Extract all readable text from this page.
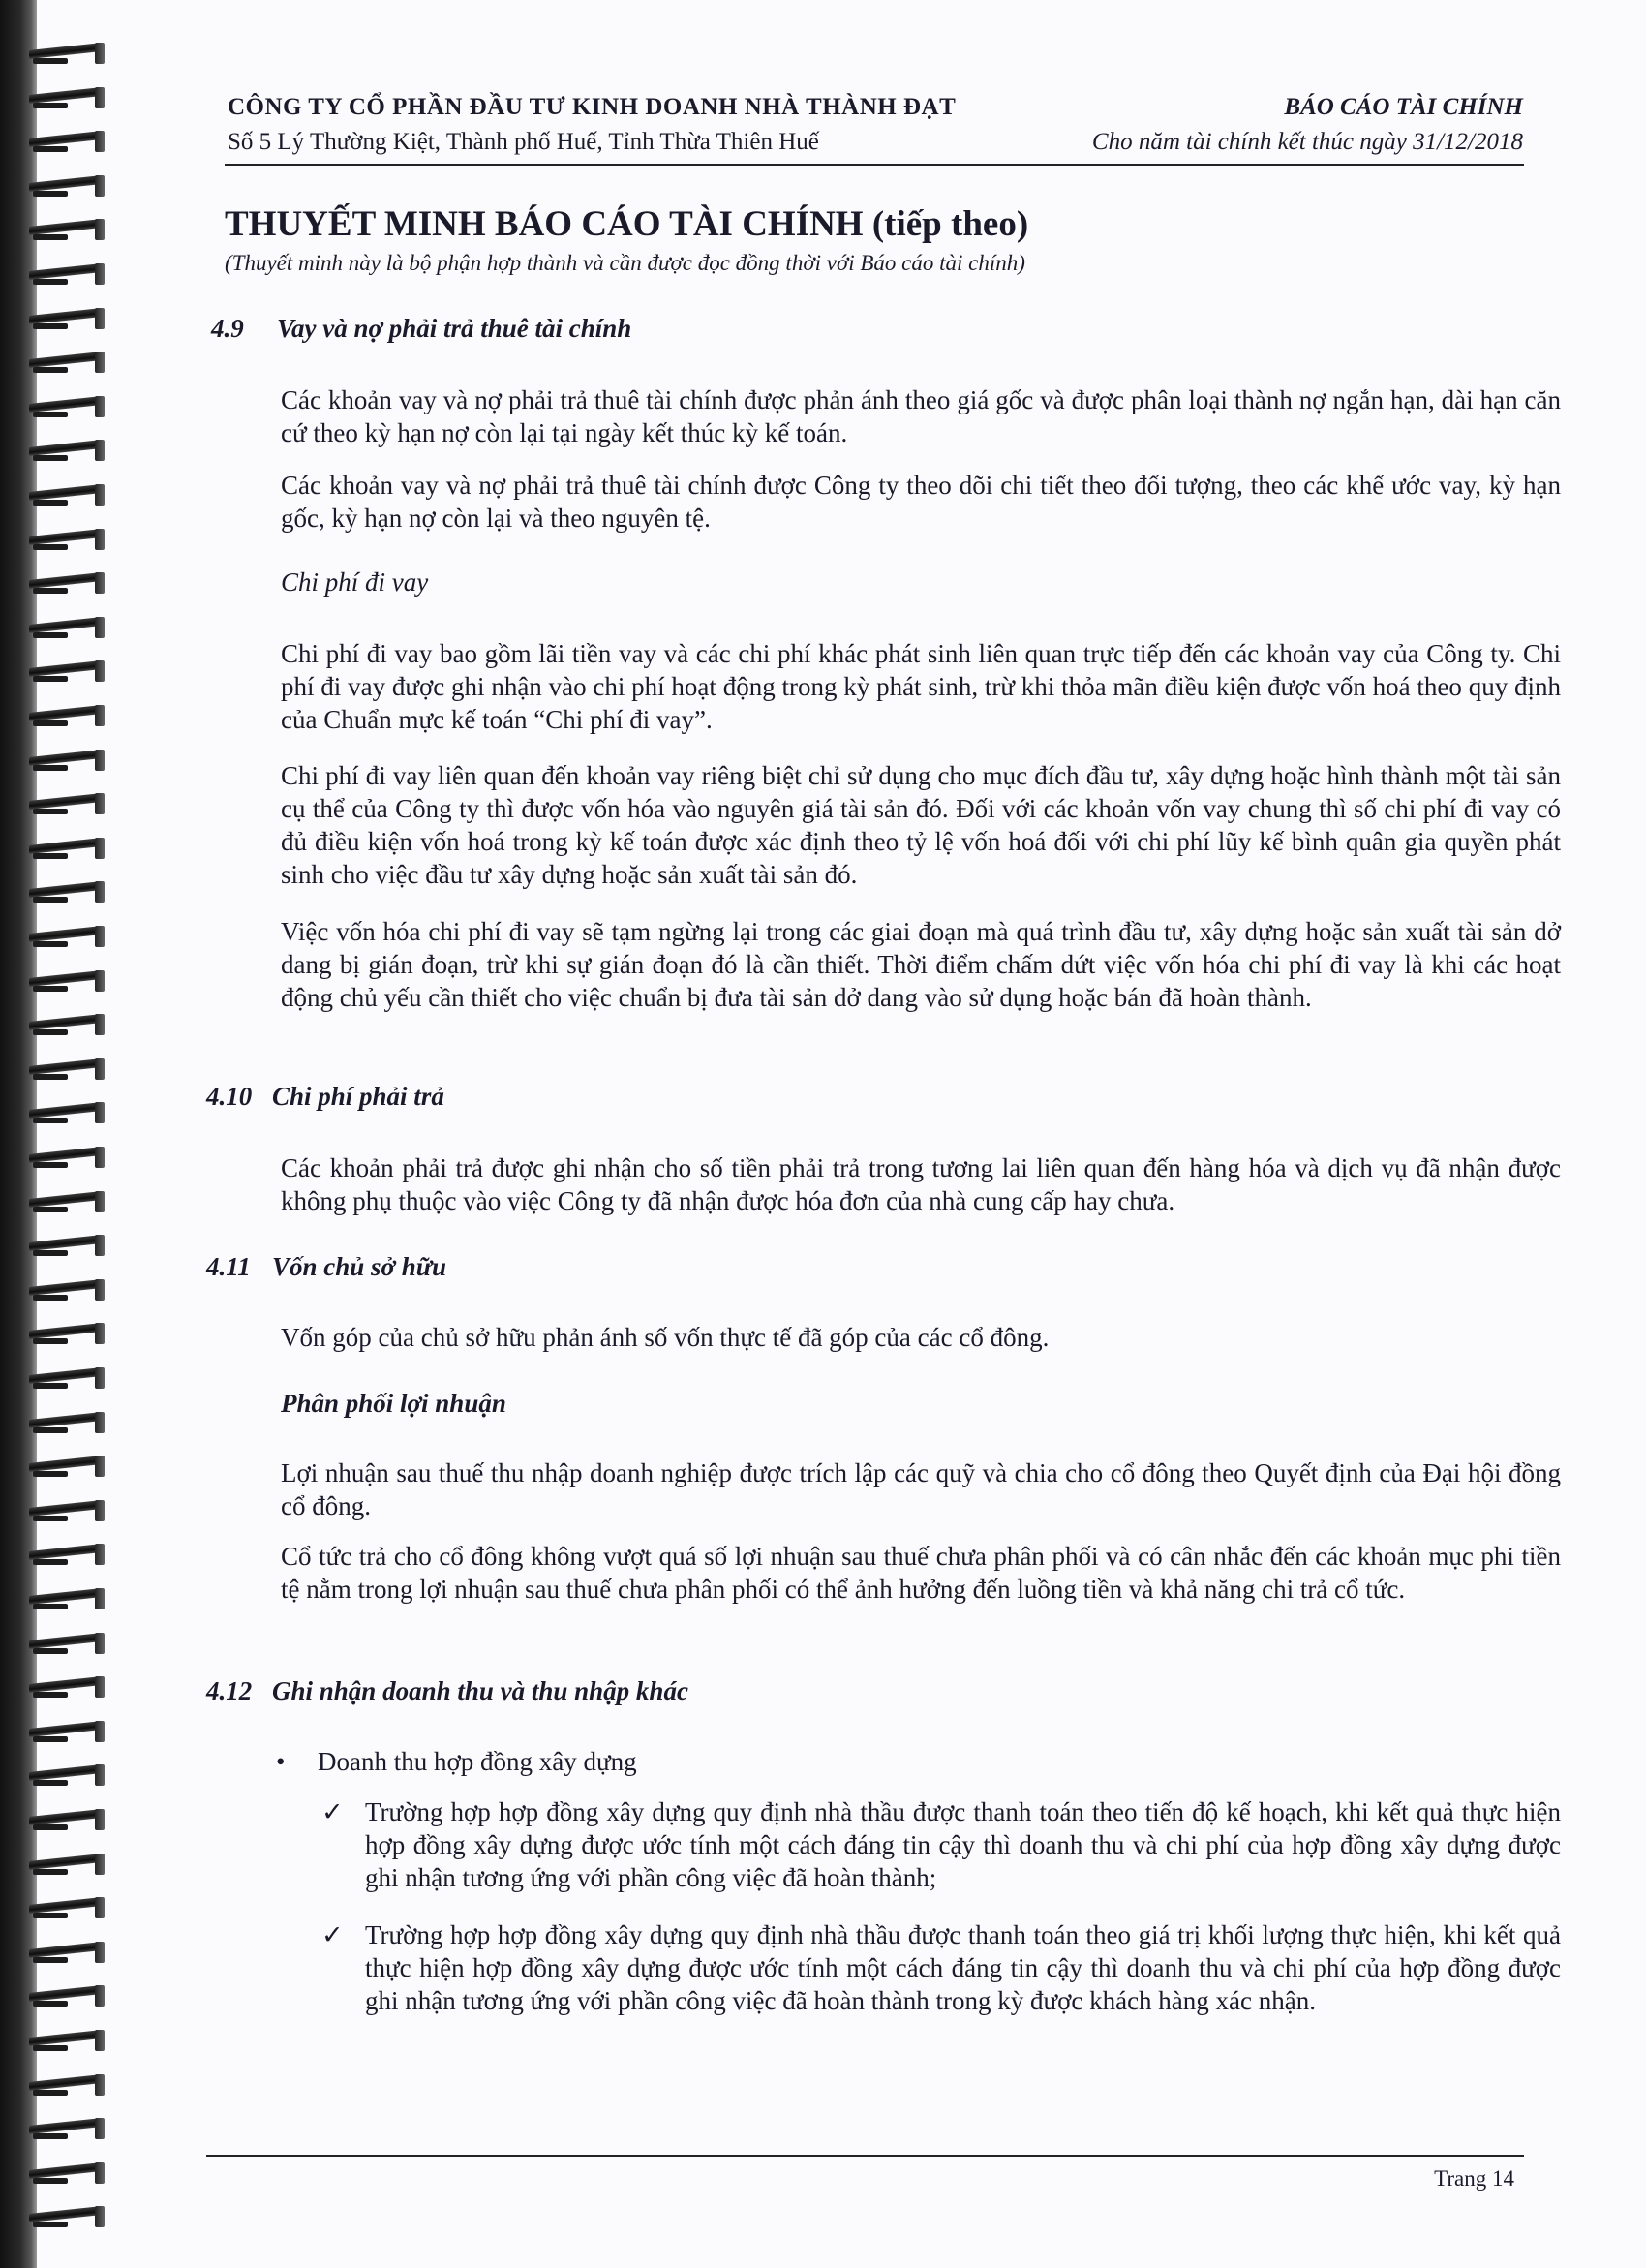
CÔNG TY CỔ PHẦN ĐẦU TƯ KINH DOANH NHÀ THÀNH ĐẠT
Số 5 Lý Thường Kiệt, Thành phố Huế, Tỉnh Thừa Thiên Huế
BÁO CÁO TÀI CHÍNH
Cho năm tài chính kết thúc ngày 31/12/2018
THUYẾT MINH BÁO CÁO TÀI CHÍNH (tiếp theo)
(Thuyết minh này là bộ phận hợp thành và cần được đọc đồng thời với Báo cáo tài chính)
4.9 Vay và nợ phải trả thuê tài chính
Các khoản vay và nợ phải trả thuê tài chính được phản ánh theo giá gốc và được phân loại thành nợ ngắn hạn, dài hạn căn cứ theo kỳ hạn nợ còn lại tại ngày kết thúc kỳ kế toán.
Các khoản vay và nợ phải trả thuê tài chính được Công ty theo dõi chi tiết theo đối tượng, theo các khế ước vay, kỳ hạn gốc, kỳ hạn nợ còn lại và theo nguyên tệ.
Chi phí đi vay
Chi phí đi vay bao gồm lãi tiền vay và các chi phí khác phát sinh liên quan trực tiếp đến các khoản vay của Công ty. Chi phí đi vay được ghi nhận vào chi phí hoạt động trong kỳ phát sinh, trừ khi thỏa mãn điều kiện được vốn hoá theo quy định của Chuẩn mực kế toán “Chi phí đi vay”.
Chi phí đi vay liên quan đến khoản vay riêng biệt chỉ sử dụng cho mục đích đầu tư, xây dựng hoặc hình thành một tài sản cụ thể của Công ty thì được vốn hóa vào nguyên giá tài sản đó. Đối với các khoản vốn vay chung thì số chi phí đi vay có đủ điều kiện vốn hoá trong kỳ kế toán được xác định theo tỷ lệ vốn hoá đối với chi phí lũy kế bình quân gia quyền phát sinh cho việc đầu tư xây dựng hoặc sản xuất tài sản đó.
Việc vốn hóa chi phí đi vay sẽ tạm ngừng lại trong các giai đoạn mà quá trình đầu tư, xây dựng hoặc sản xuất tài sản dở dang bị gián đoạn, trừ khi sự gián đoạn đó là cần thiết. Thời điểm chấm dứt việc vốn hóa chi phí đi vay là khi các hoạt động chủ yếu cần thiết cho việc chuẩn bị đưa tài sản dở dang vào sử dụng hoặc bán đã hoàn thành.
4.10 Chi phí phải trả
Các khoản phải trả được ghi nhận cho số tiền phải trả trong tương lai liên quan đến hàng hóa và dịch vụ đã nhận được không phụ thuộc vào việc Công ty đã nhận được hóa đơn của nhà cung cấp hay chưa.
4.11 Vốn chủ sở hữu
Vốn góp của chủ sở hữu phản ánh số vốn thực tế đã góp của các cổ đông.
Phân phối lợi nhuận
Lợi nhuận sau thuế thu nhập doanh nghiệp được trích lập các quỹ và chia cho cổ đông theo Quyết định của Đại hội đồng cổ đông.
Cổ tức trả cho cổ đông không vượt quá số lợi nhuận sau thuế chưa phân phối và có cân nhắc đến các khoản mục phi tiền tệ nằm trong lợi nhuận sau thuế chưa phân phối có thể ảnh hưởng đến luồng tiền và khả năng chi trả cổ tức.
4.12 Ghi nhận doanh thu và thu nhập khác
• Doanh thu hợp đồng xây dựng
✓ Trường hợp hợp đồng xây dựng quy định nhà thầu được thanh toán theo tiến độ kế hoạch, khi kết quả thực hiện hợp đồng xây dựng được ước tính một cách đáng tin cậy thì doanh thu và chi phí của hợp đồng xây dựng được ghi nhận tương ứng với phần công việc đã hoàn thành;
✓ Trường hợp hợp đồng xây dựng quy định nhà thầu được thanh toán theo giá trị khối lượng thực hiện, khi kết quả thực hiện hợp đồng xây dựng được ước tính một cách đáng tin cậy thì doanh thu và chi phí của hợp đồng được ghi nhận tương ứng với phần công việc đã hoàn thành trong kỳ được khách hàng xác nhận.
Trang 14
